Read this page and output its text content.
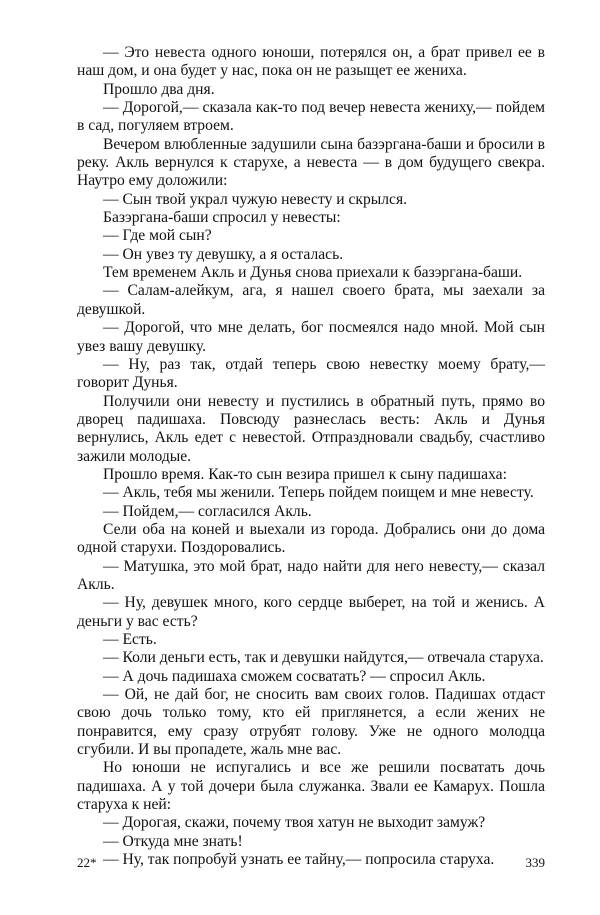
— Это невеста одного юноши, потерялся он, а брат привел ее в наш дом, и она будет у нас, пока он не разыщет ее жениха.

Прошло два дня.

— Дорогой,— сказала как-то под вечер невеста жениху,— пойдем в сад, погуляем втроем.

Вечером влюбленные задушили сына базэргана-баши и бросили в реку. Акль вернулся к старухе, а невеста — в дом будущего свекра. Наутро ему доложили:

— Сын твой украл чужую невесту и скрылся.

Базэргана-баши спросил у невесты:

— Где мой сын?

— Он увез ту девушку, а я осталась.

Тем временем Акль и Дунья снова приехали к базэргана-баши.

— Салам-алейкум, ага, я нашел своего брата, мы заехали за девушкой.

— Дорогой, что мне делать, бог посмеялся надо мной. Мой сын увез вашу девушку.

— Ну, раз так, отдай теперь свою невестку моему брату,— говорит Дунья.

Получили они невесту и пустились в обратный путь, прямо во дворец падишаха. Повсюду разнеслась весть: Акль и Дунья вернулись, Акль едет с невестой. Отпраздновали свадьбу, счастливо зажили молодые.

Прошло время. Как-то сын везира пришел к сыну падишаха:

— Акль, тебя мы женили. Теперь пойдем поищем и мне невесту.

— Пойдем,— согласился Акль.

Сели оба на коней и выехали из города. Добрались они до дома одной старухи. Поздоровались.

— Матушка, это мой брат, надо найти для него невесту,— сказал Акль.

— Ну, девушек много, кого сердце выберет, на той и женись. А деньги у вас есть?

— Есть.

— Коли деньги есть, так и девушки найдутся,— отвечала старуха.

— А дочь падишаха сможем сосватать? — спросил Акль.

— Ой, не дай бог, не сносить вам своих голов. Падишах отдаст свою дочь только тому, кто ей приглянется, а если жених не понравится, ему сразу отрубят голову. Уже не одного молодца сгубили. И вы пропадете, жаль мне вас.

Но юноши не испугались и все же решили посватать дочь падишаха. А у той дочери была служанка. Звали ее Камарух. Пошла старуха к ней:

— Дорогая, скажи, почему твоя хатун не выходит замуж?

— Откуда мне знать!

— Ну, так попробуй узнать ее тайну,— попросила старуха.

22*	339
